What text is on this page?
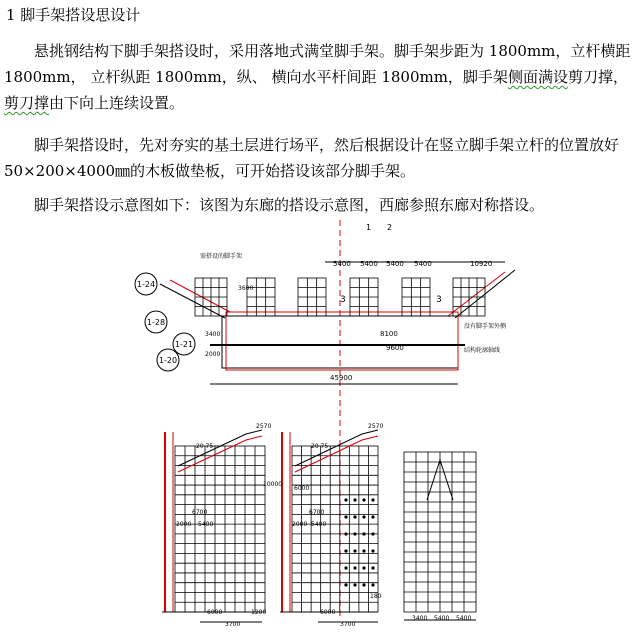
1 脚手架搭设思设计
悬挑钢结构下脚手架搭设时，采用落地式满堂脚手架。脚手架步距为 1800mm，立杆横距 1800mm， 立杆纵距 1800mm，纵、 横向水平杆间距 1800mm，脚手架侧面满设剪刀撑，剪刀撑由下向上连续设置。
脚手架搭设时，先对夯实的基土层进行场平，然后根据设计在竖立脚手架立杆的位置放好 50×200×4000㎜的木板做垫板，可开始搭设该部分脚手架。
脚手架搭设示意图如下：该图为东廊的搭设示意图，西廊参照东廊对称搭设。
需搭设的脚手架
5400 5400 5400 5400	10920
1 2
3	3
1-24
1-28
1-21
1-20
3600
3400
2000
8100
9600
没有脚手架外侧
结构轮廓轴线
45900
2570
20 75
10000
6700
2000 5400
6000
3700
1200
2570
20 75
6000
6700
2000 5400
6000
3700
180
3400 5400 5400
